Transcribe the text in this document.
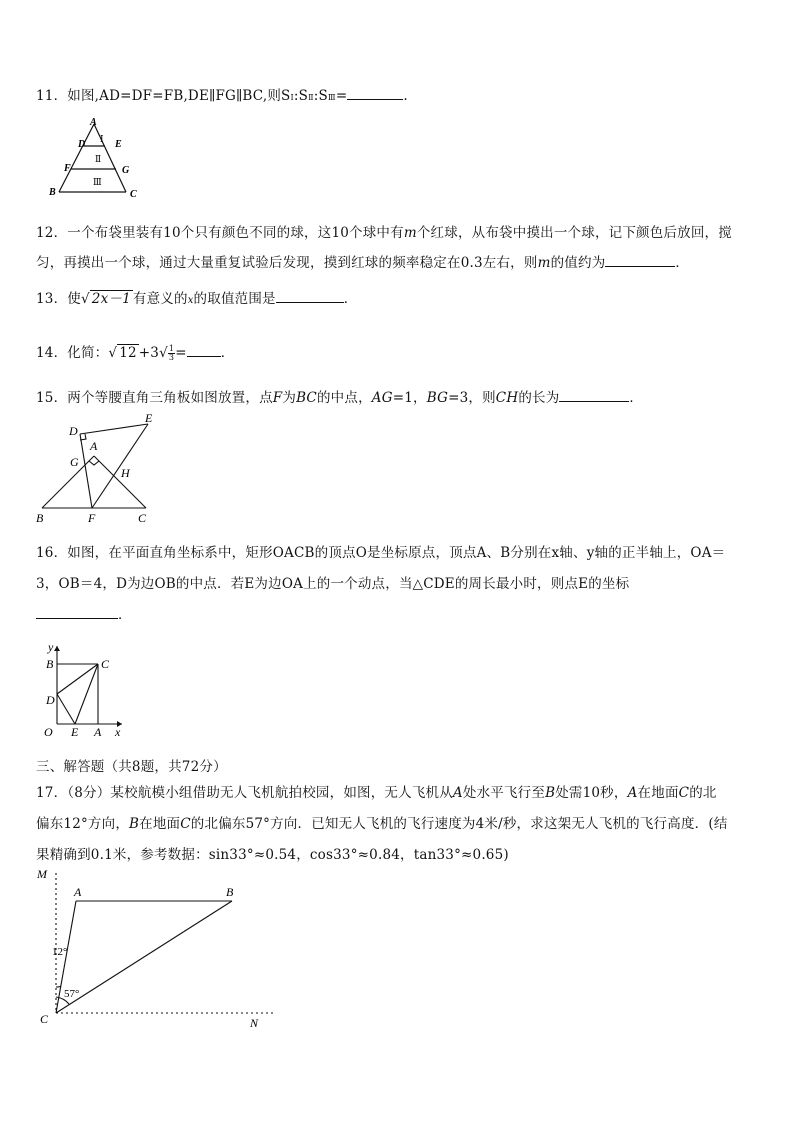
11．如图,AD=DF=FB,DE∥FG∥BC,则SⅠ:SⅡ:SⅢ=	.
A
D	E
F	G
B	C
Ⅰ
Ⅱ
Ⅲ
12．一个布袋里装有10个只有颜色不同的球，这10个球中有m个红球，从布袋中摸出一个球，记下颜色后放回，搅
匀，再摸出一个球，通过大量重复试验后发现，摸到红球的频率稳定在0.3左右，则m的值约为	．
13．使√ 2x－1 有意义的x的取值范围是	．
14．化简：√ $12 +3√ \frac{1}{3}$ =	．
15．两个等腰直角三角板如图放置，点F为BC的中点，AG=1，BG=3，则CH的长为	．
D
E
A
G
H
B	F	C
16．如图，在平面直角坐标系中，矩形OACB的顶点O是坐标原点，顶点A、B分别在x轴、y轴的正半轴上，OA＝
3，OB＝4，D为边OB的中点．若E为边OA上的一个动点，当△CDE的周长最小时，则点E的坐标
．
y
x
B	C
D
O E A
三、解答题（共8题，共72分）
17．（8分）某校航模小组借助无人飞机航拍校园，如图，无人飞机从A处水平飞行至B处需10秒，A在地面C的北
偏东12°方向，B在地面C的北偏东57°方向．已知无人飞机的飞行速度为4米/秒，求这架无人飞机的飞行高度．(结
果精确到0.1米，参考数据：sin33°≈0.54，cos33°≈0.84，tan33°≈0.65)
M
A	B
C	N
12°
57°
